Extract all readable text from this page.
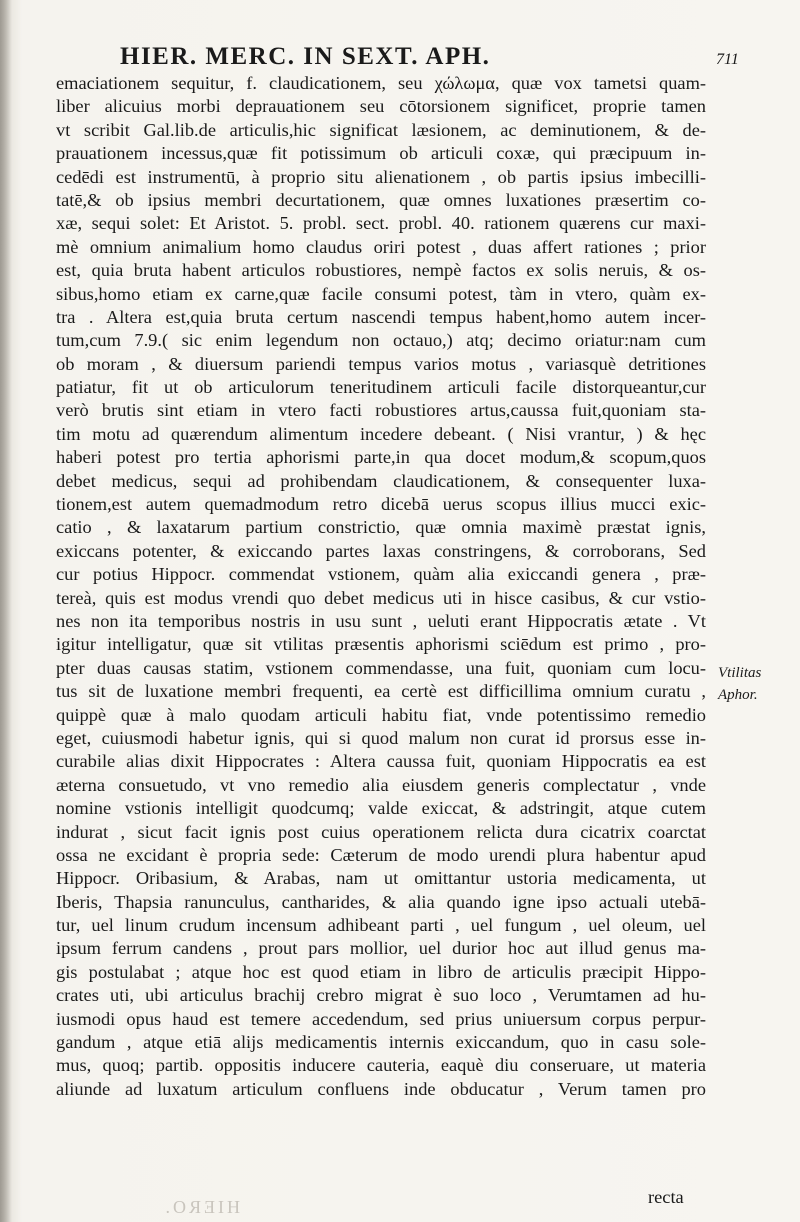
HIER. MERC. IN SEXT. APH.	711
emaciationem sequitur, f. claudicationem, seu χώλωμα, quæ vox tametsi quam-
liber alicuius morbi deprauationem seu cōtorsionem significet, proprie tamen
vt scribit Gal.lib.de articulis,hic significat læsionem, ac deminutionem, & de-
prauationem incessus,quæ fit potissimum ob articuli coxæ, qui præcipuum in-
cedēdi est instrumentū, à proprio situ alienationem , ob partis ipsius imbecilli-
tatē,& ob ipsius membri decurtationem, quæ omnes luxationes præsertim co-
xæ, sequi solet: Et Aristot. 5. probl. sect. probl. 40. rationem quærens cur maxi-
mè omnium animalium homo claudus oriri potest , duas affert rationes ; prior
est, quia bruta habent articulos robustiores, nempè factos ex solis neruis, & os-
sibus,homo etiam ex carne,quæ facile consumi potest, tàm in vtero, quàm ex-
tra . Altera est,quia bruta certum nascendi tempus habent,homo autem incer-
tum,cum 7.9.( sic enim legendum non octauo,) atq; decimo oriatur:nam cum
ob moram , & diuersum pariendi tempus varios motus , variasquè detritiones
patiatur, fit ut ob articulorum teneritudinem articuli facile distorqueantur,cur
verò brutis sint etiam in vtero facti robustiores artus,caussa fuit,quoniam sta-
tim motu ad quærendum alimentum incedere debeant. ( Nisi vrantur, ) & hęc
haberi potest pro tertia aphorismi parte,in qua docet modum,& scopum,quos
debet medicus, sequi ad prohibendam claudicationem, & consequenter luxa-
tionem,est autem quemadmodum retro dicebā uerus scopus illius mucci exic-
catio , & laxatarum partium constrictio, quæ omnia maximè præstat ignis,
exiccans potenter, & exiccando partes laxas constringens, & corroborans, Sed
cur potius Hippocr. commendat vstionem, quàm alia exiccandi genera , præ-
tereà, quis est modus vrendi quo debet medicus uti in hisce casibus, & cur vstio-
nes non ita temporibus nostris in usu sunt , ueluti erant Hippocratis ætate . Vt
igitur intelligatur, quæ sit vtilitas præsentis aphorismi sciēdum est primo , pro-
pter duas causas statim, vstionem commendasse, una fuit, quoniam cum locu-
tus sit de luxatione membri frequenti, ea certè est difficillima omnium curatu ,
quippè quæ à malo quodam articuli habitu fiat, vnde potentissimo remedio
eget, cuiusmodi habetur ignis, qui si quod malum non curat id prorsus esse in-
curabile alias dixit Hippocrates : Altera caussa fuit, quoniam Hippocratis ea est
æterna consuetudo, vt vno remedio alia eiusdem generis complectatur , vnde
nomine vstionis intelligit quodcumq; valde exiccat, & adstringit, atque cutem
indurat , sicut facit ignis post cuius operationem relicta dura cicatrix coarctat
ossa ne excidant è propria sede: Cæterum de modo urendi plura habentur apud
Hippocr. Oribasium, & Arabas, nam ut omittantur ustoria medicamenta, ut
Iberis, Thapsia ranunculus, cantharides, & alia quando igne ipso actuali utebā-
tur, uel linum crudum incensum adhibeant parti , uel fungum , uel oleum, uel
ipsum ferrum candens , prout pars mollior, uel durior hoc aut illud genus ma-
gis postulabat ; atque hoc est quod etiam in libro de articulis præcipit Hippo-
crates uti, ubi articulus brachij crebro migrat è suo loco , Verumtamen ad hu-
iusmodi opus haud est temere accedendum, sed prius uniuersum corpus perpur-
gandum , atque etiā alijs medicamentis internis exiccandum, quo in casu sole-
mus, quoq; partib. oppositis inducere cauteria, eaquè diu conseruare, ut materia
aliunde ad luxatum articulum confluens inde obducatur , Verum tamen pro
Vtilitas
Aphor.
recta
HIERO.
